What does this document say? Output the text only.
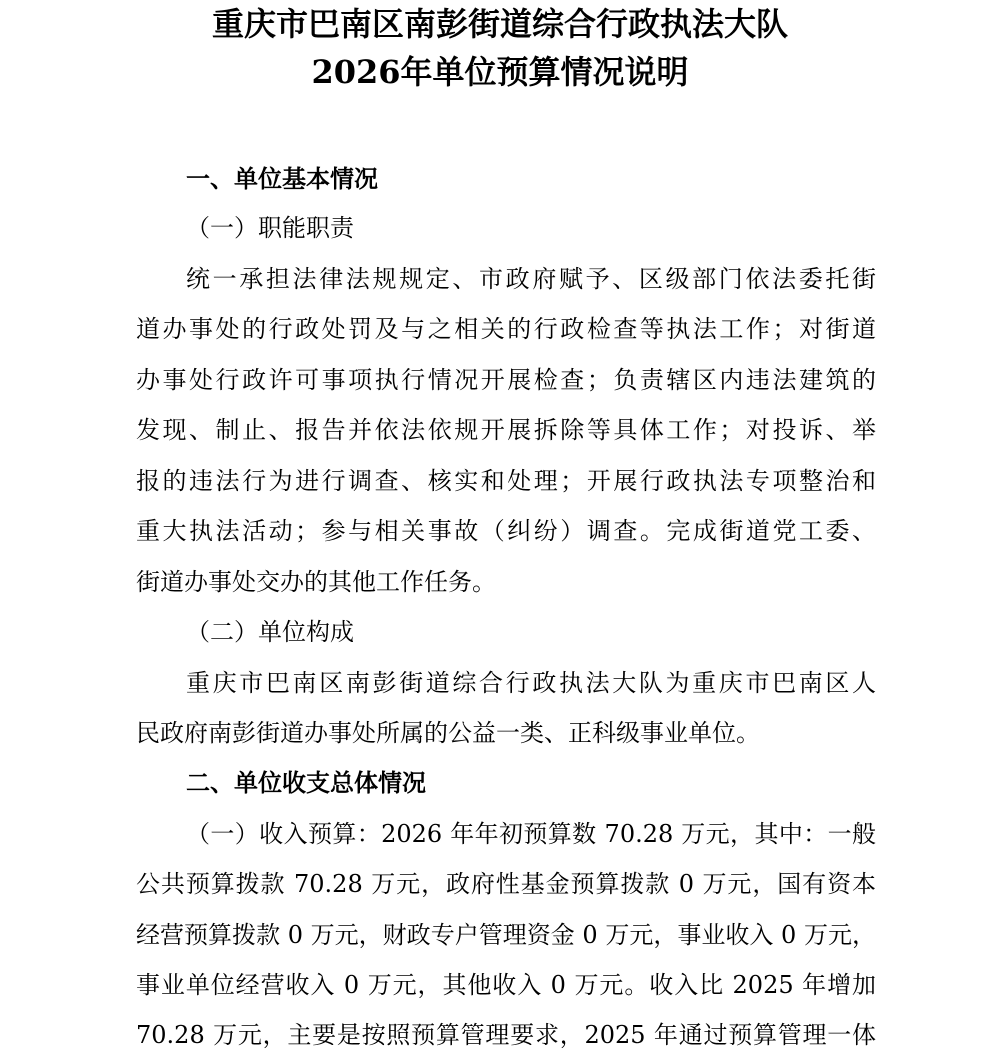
重庆市巴南区南彭街道综合行政执法大队
2026年单位预算情况说明
一、单位基本情况
（一）职能职责
统一承担法律法规规定、市政府赋予、区级部门依法委托街
道办事处的行政处罚及与之相关的行政检查等执法工作；对街道
办事处行政许可事项执行情况开展检查；负责辖区内违法建筑的
发现、制止、报告并依法依规开展拆除等具体工作；对投诉、举
报的违法行为进行调查、核实和处理；开展行政执法专项整治和
重大执法活动；参与相关事故（纠纷）调查。完成街道党工委、
街道办事处交办的其他工作任务。
（二）单位构成
重庆市巴南区南彭街道综合行政执法大队为重庆市巴南区人
民政府南彭街道办事处所属的公益一类、正科级事业单位。
二、单位收支总体情况
（一）收入预算：2026 年年初预算数 70.28 万元，其中：一般
公共预算拨款 70.28 万元，政府性基金预算拨款 0 万元，国有资本
经营预算拨款 0 万元，财政专户管理资金 0 万元，事业收入 0 万元，
事业单位经营收入 0 万元，其他收入 0 万元。收入比 2025 年增加
70.28 万元，主要是按照预算管理要求，2025 年通过预算管理一体
